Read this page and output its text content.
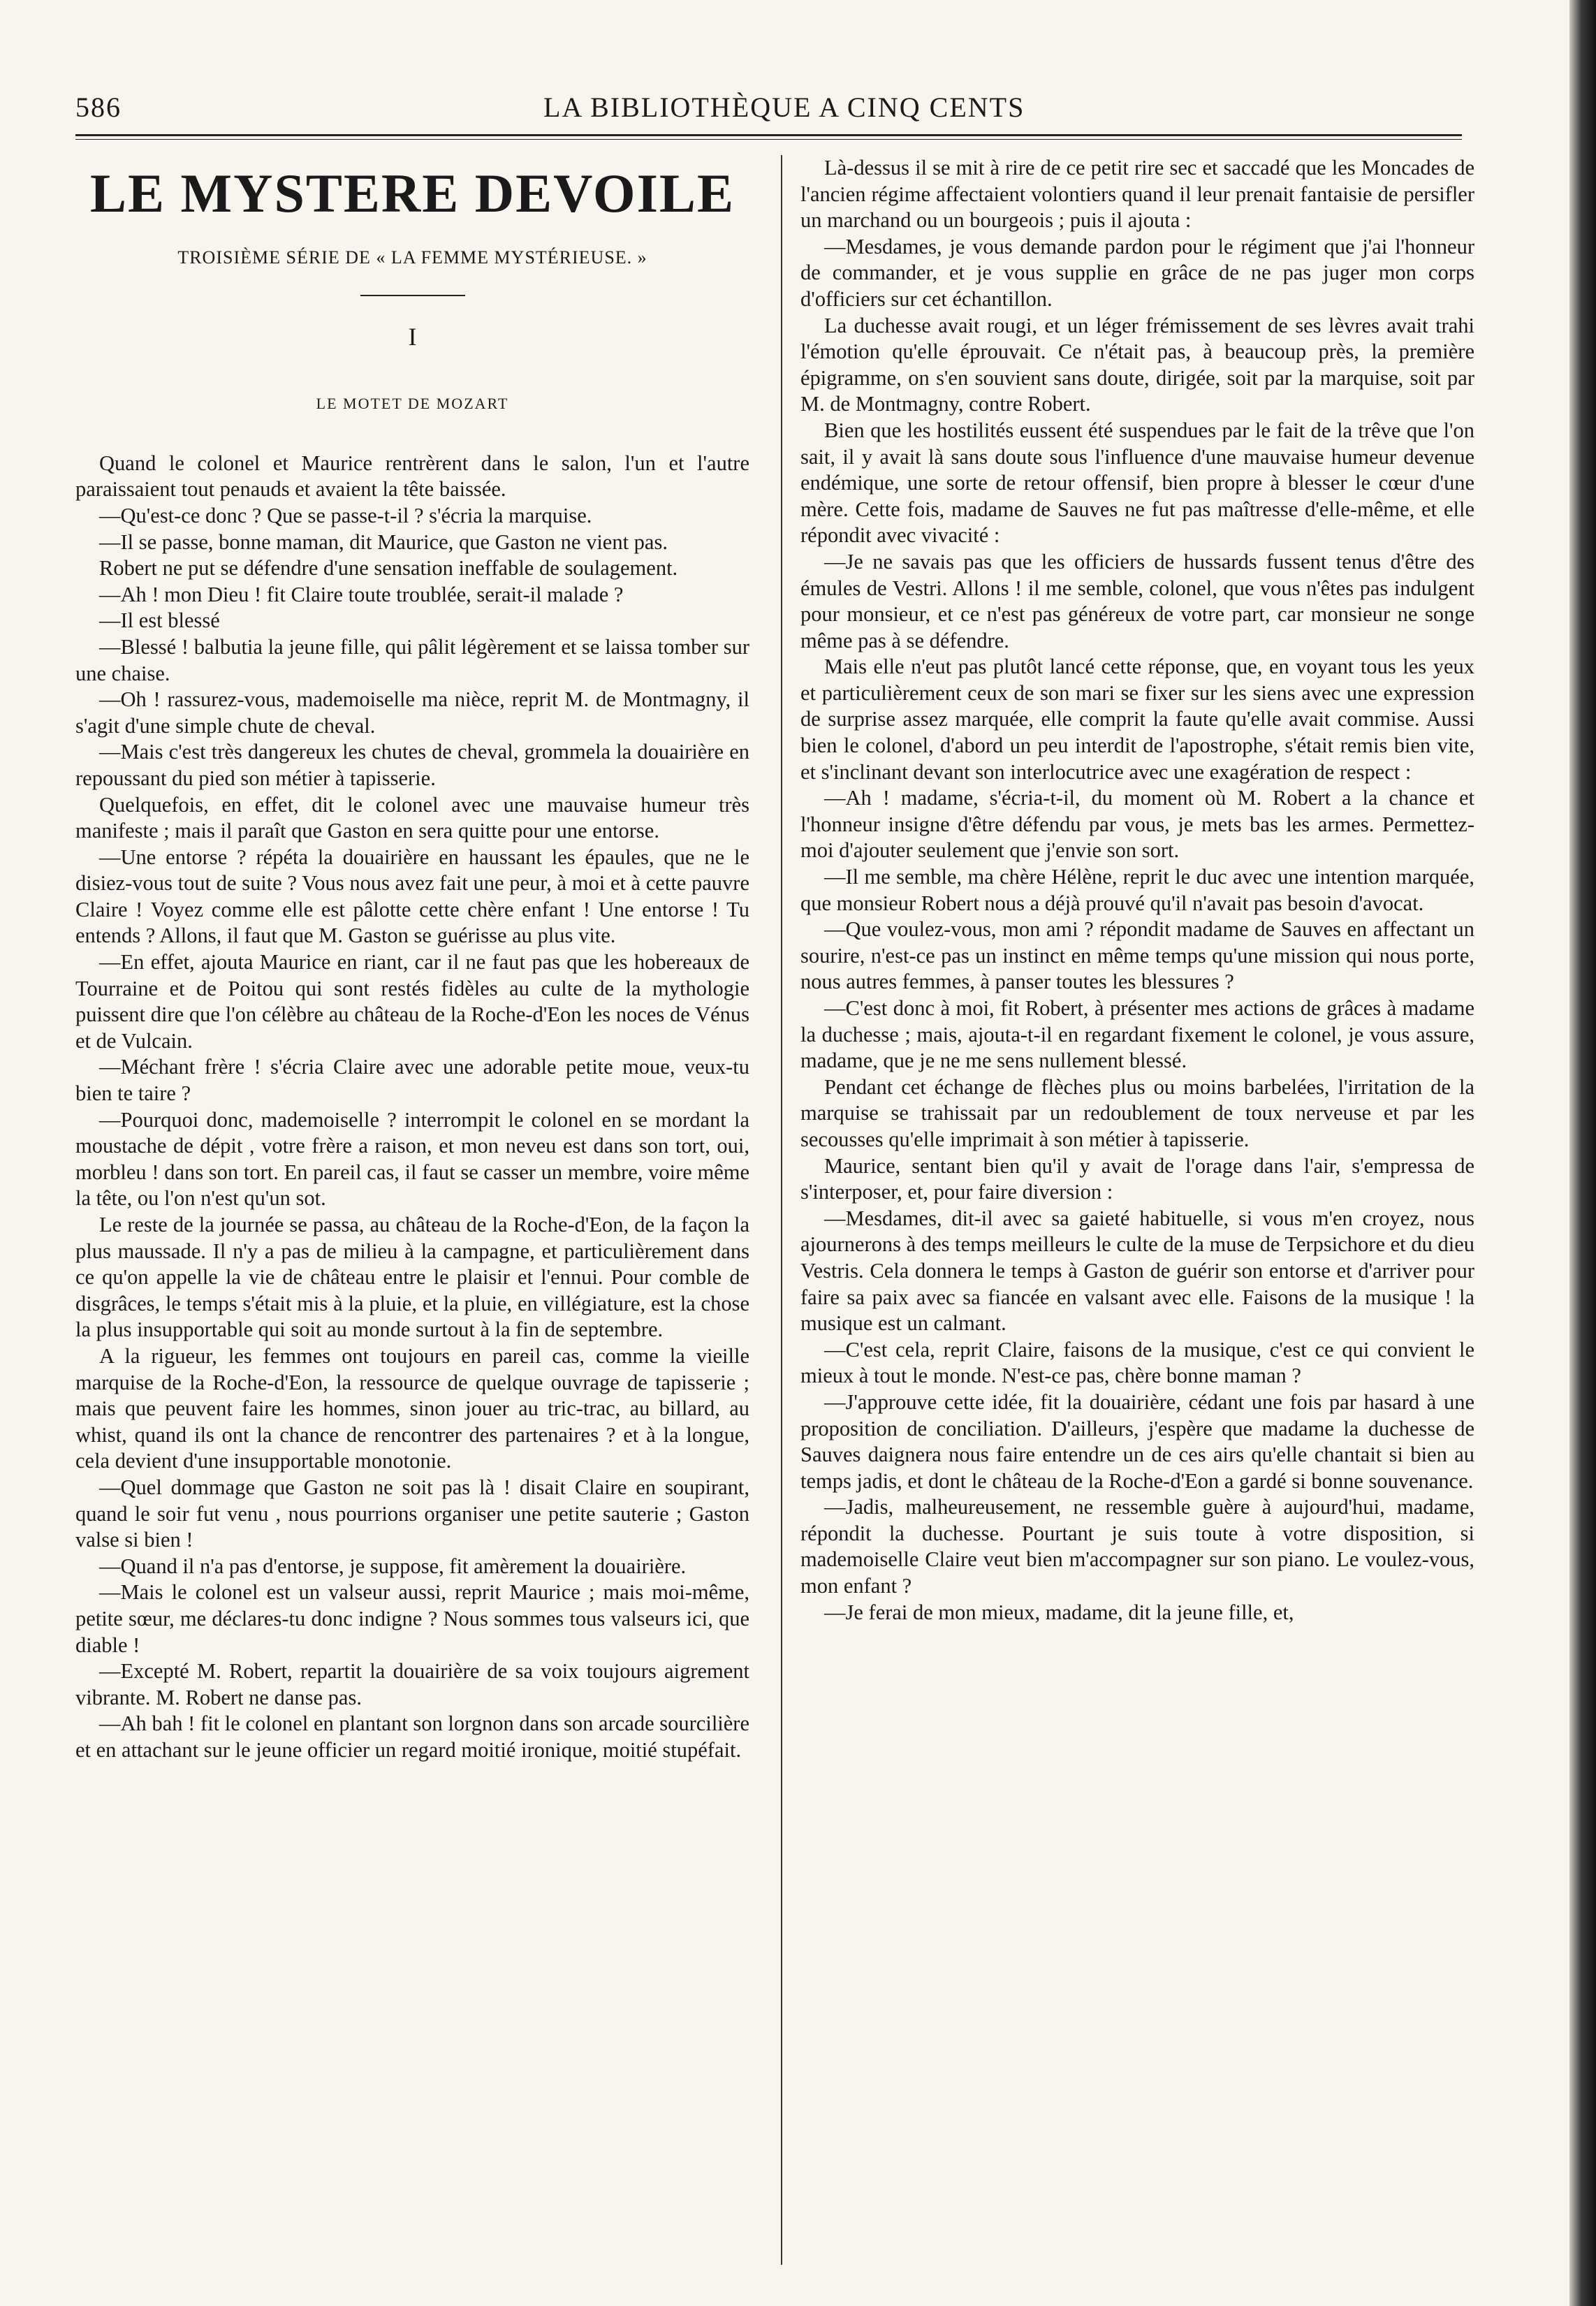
586	LA BIBLIOTHÈQUE A CINQ CENTS
LE MYSTERE DEVOILE
TROISIÈME SÉRIE DE « LA FEMME MYSTÉRIEUSE. »
I
LE MOTET DE MOZART

Quand le colonel et Maurice rentrèrent dans le salon, l'un et l'autre paraissaient tout penauds et avaient la tête baissée.

—Qu'est-ce donc ? Que se passe-t-il ? s'écria la marquise.

—Il se passe, bonne maman, dit Maurice, que Gaston ne vient pas.

Robert ne put se défendre d'une sensation ineffable de soulagement.

—Ah ! mon Dieu ! fit Claire toute troublée, serait-il malade ?

—Il est blessé

—Blessé ! balbutia la jeune fille, qui pâlit légèrement et se laissa tomber sur une chaise.

—Oh ! rassurez-vous, mademoiselle ma nièce, reprit M. de Montmagny, il s'agit d'une simple chute de cheval.

—Mais c'est très dangereux les chutes de cheval, grommela la douairière en repoussant du pied son métier à tapisserie.

Quelquefois, en effet, dit le colonel avec une mauvaise humeur très manifeste ; mais il paraît que Gaston en sera quitte pour une entorse.

—Une entorse ? répéta la douairière en haussant les épaules, que ne le disiez-vous tout de suite ? Vous nous avez fait une peur, à moi et à cette pauvre Claire ! Voyez comme elle est pâlotte cette chère enfant ! Une entorse ! Tu entends ? Allons, il faut que M. Gaston se guérisse au plus vite.

—En effet, ajouta Maurice en riant, car il ne faut pas que les hobereaux de Tourraine et de Poitou qui sont restés fidèles au culte de la mythologie puissent dire que l'on célèbre au château de la Roche-d'Eon les noces de Vénus et de Vulcain.

—Méchant frère ! s'écria Claire avec une adorable petite moue, veux-tu bien te taire ?

—Pourquoi donc, mademoiselle ? interrompit le colonel en se mordant la moustache de dépit , votre frère a raison, et mon neveu est dans son tort, oui, morbleu ! dans son tort. En pareil cas, il faut se casser un membre, voire même la tête, ou l'on n'est qu'un sot.

Le reste de la journée se passa, au château de la Roche-d'Eon, de la façon la plus maussade. Il n'y a pas de milieu à la campagne, et particulièrement dans ce qu'on appelle la vie de château entre le plaisir et l'ennui. Pour comble de disgrâces, le temps s'était mis à la pluie, et la pluie, en villégiature, est la chose la plus insupportable qui soit au monde surtout à la fin de septembre.

A la rigueur, les femmes ont toujours en pareil cas, comme la vieille marquise de la Roche-d'Eon, la ressource de quelque ouvrage de tapisserie ; mais que peuvent faire les hommes, sinon jouer au tric-trac, au billard, au whist, quand ils ont la chance de rencontrer des partenaires ? et à la longue, cela devient d'une insupportable monotonie.

—Quel dommage que Gaston ne soit pas là ! disait Claire en soupirant, quand le soir fut venu , nous pourrions organiser une petite sauterie ; Gaston valse si bien !

—Quand il n'a pas d'entorse, je suppose, fit amèrement la douairière.

—Mais le colonel est un valseur aussi, reprit Maurice ; mais moi-même, petite sœur, me déclares-tu donc indigne ? Nous sommes tous valseurs ici, que diable !

—Excepté M. Robert, repartit la douairière de sa voix toujours aigrement vibrante. M. Robert ne danse pas.

—Ah bah ! fit le colonel en plantant son lorgnon dans son arcade sourcilière et en attachant sur le jeune officier un regard moitié ironique, moitié stupéfait.

Là-dessus il se mit à rire de ce petit rire sec et saccadé que les Moncades de l'ancien régime affectaient volontiers quand il leur prenait fantaisie de persifler un marchand ou un bourgeois ; puis il ajouta :

—Mesdames, je vous demande pardon pour le régiment que j'ai l'honneur de commander, et je vous supplie en grâce de ne pas juger mon corps d'officiers sur cet échantillon.

La duchesse avait rougi, et un léger frémissement de ses lèvres avait trahi l'émotion qu'elle éprouvait. Ce n'était pas, à beaucoup près, la première épigramme, on s'en souvient sans doute, dirigée, soit par la marquise, soit par M. de Montmagny, contre Robert.

Bien que les hostilités eussent été suspendues par le fait de la trêve que l'on sait, il y avait là sans doute sous l'influence d'une mauvaise humeur devenue endémique, une sorte de retour offensif, bien propre à blesser le cœur d'une mère. Cette fois, madame de Sauves ne fut pas maîtresse d'elle-même, et elle répondit avec vivacité :

—Je ne savais pas que les officiers de hussards fussent tenus d'être des émules de Vestri. Allons ! il me semble, colonel, que vous n'êtes pas indulgent pour monsieur, et ce n'est pas généreux de votre part, car monsieur ne songe même pas à se défendre.

Mais elle n'eut pas plutôt lancé cette réponse, que, en voyant tous les yeux et particulièrement ceux de son mari se fixer sur les siens avec une expression de surprise assez marquée, elle comprit la faute qu'elle avait commise. Aussi bien le colonel, d'abord un peu interdit de l'apostrophe, s'était remis bien vite, et s'inclinant devant son interlocutrice avec une exagération de respect :

—Ah ! madame, s'écria-t-il, du moment où M. Robert a la chance et l'honneur insigne d'être défendu par vous, je mets bas les armes. Permettez-moi d'ajouter seulement que j'envie son sort.

—Il me semble, ma chère Hélène, reprit le duc avec une intention marquée, que monsieur Robert nous a déjà prouvé qu'il n'avait pas besoin d'avocat.

—Que voulez-vous, mon ami ? répondit madame de Sauves en affectant un sourire, n'est-ce pas un instinct en même temps qu'une mission qui nous porte, nous autres femmes, à panser toutes les blessures ?

—C'est donc à moi, fit Robert, à présenter mes actions de grâces à madame la duchesse ; mais, ajouta-t-il en regardant fixement le colonel, je vous assure, madame, que je ne me sens nullement blessé.

Pendant cet échange de flèches plus ou moins barbelées, l'irritation de la marquise se trahissait par un redoublement de toux nerveuse et par les secousses qu'elle imprimait à son métier à tapisserie.

Maurice, sentant bien qu'il y avait de l'orage dans l'air, s'empressa de s'interposer, et, pour faire diversion :

—Mesdames, dit-il avec sa gaieté habituelle, si vous m'en croyez, nous ajournerons à des temps meilleurs le culte de la muse de Terpsichore et du dieu Vestris. Cela donnera le temps à Gaston de guérir son entorse et d'arriver pour faire sa paix avec sa fiancée en valsant avec elle. Faisons de la musique ! la musique est un calmant.

—C'est cela, reprit Claire, faisons de la musique, c'est ce qui convient le mieux à tout le monde. N'est-ce pas, chère bonne maman ?

—J'approuve cette idée, fit la douairière, cédant une fois par hasard à une proposition de conciliation. D'ailleurs, j'espère que madame la duchesse de Sauves daignera nous faire entendre un de ces airs qu'elle chantait si bien au temps jadis, et dont le château de la Roche-d'Eon a gardé si bonne souvenance.

—Jadis, malheureusement, ne ressemble guère à aujourd'hui, madame, répondit la duchesse. Pourtant je suis toute à votre disposition, si mademoiselle Claire veut bien m'accompagner sur son piano. Le voulez-vous, mon enfant ?

—Je ferai de mon mieux, madame, dit la jeune fille, et,
